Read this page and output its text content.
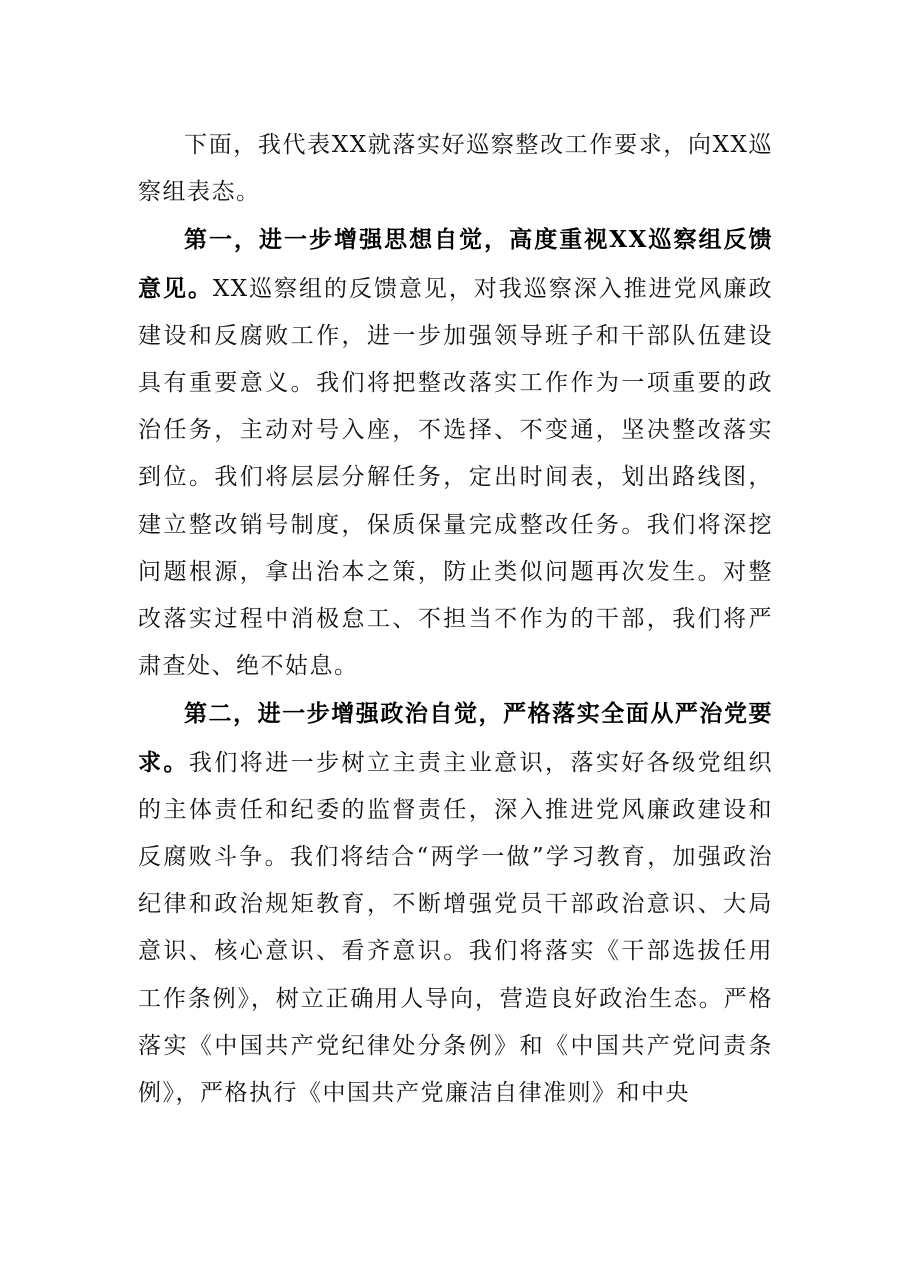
下面，我代表XX就落实好巡察整改工作要求，向XX巡察组表态。

第一，进一步增强思想自觉，高度重视XX巡察组反馈意见。XX巡察组的反馈意见，对我巡察深入推进党风廉政建设和反腐败工作，进一步加强领导班子和干部队伍建设具有重要意义。我们将把整改落实工作作为一项重要的政治任务，主动对号入座，不选择、不变通，坚决整改落实到位。我们将层层分解任务，定出时间表，划出路线图，建立整改销号制度，保质保量完成整改任务。我们将深挖问题根源，拿出治本之策，防止类似问题再次发生。对整改落实过程中消极怠工、不担当不作为的干部，我们将严肃查处、绝不姑息。

第二，进一步增强政治自觉，严格落实全面从严治党要求。我们将进一步树立主责主业意识，落实好各级党组织的主体责任和纪委的监督责任，深入推进党风廉政建设和反腐败斗争。我们将结合“两学一做”学习教育，加强政治纪律和政治规矩教育，不断增强党员干部政治意识、大局意识、核心意识、看齐意识。我们将落实《干部选拔任用工作条例》，树立正确用人导向，营造良好政治生态。严格落实《中国共产党纪律处分条例》和《中国共产党问责条例》，严格执行《中国共产党廉洁自律准则》和中央
